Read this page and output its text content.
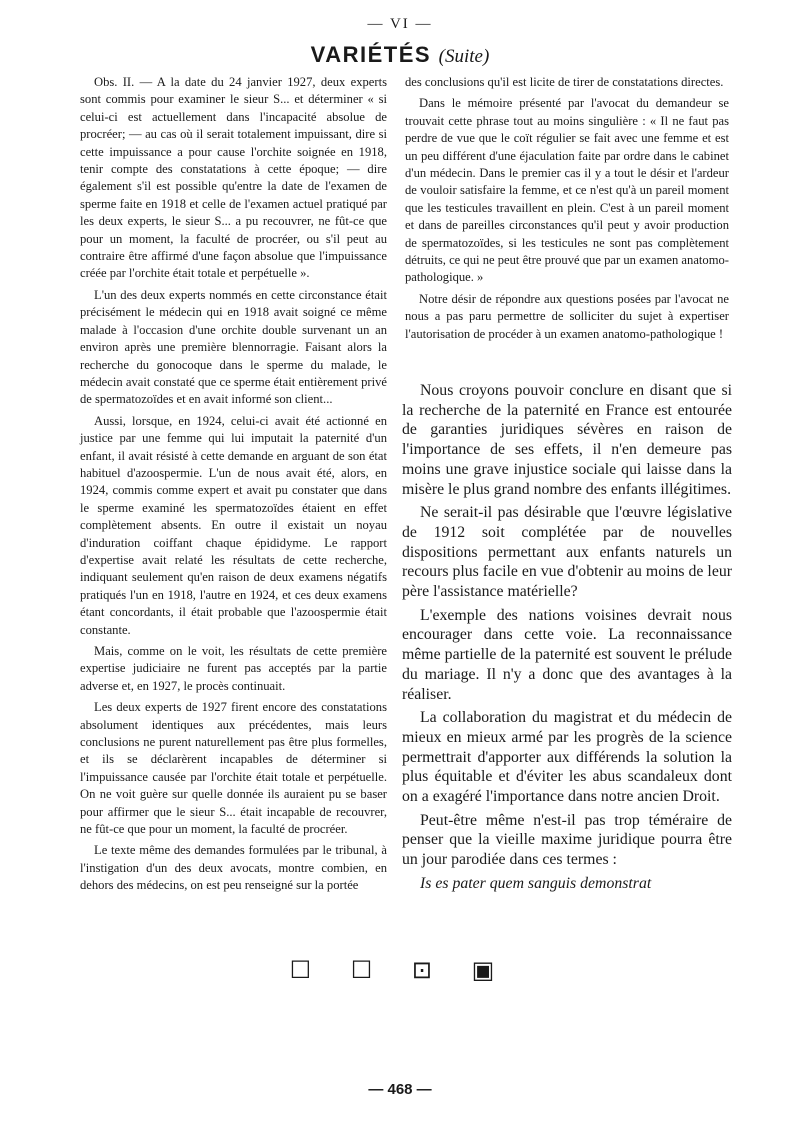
— VI —
VARIÉTÉS (Suite)

Obs. II. — A la date du 24 janvier 1927, deux experts sont commis pour examiner le sieur S... et déterminer « si celui-ci est actuellement dans l'incapacité absolue de procréer; — au cas où il serait totalement impuissant, dire si cette impuissance a pour cause l'orchite soignée en 1918, tenir compte des constatations à cette époque; — dire également s'il est possible qu'entre la date de l'examen de sperme faite en 1918 et celle de l'examen actuel pratiqué par les deux experts, le sieur S... a pu recouvrer, ne fût-ce que pour un moment, la faculté de procréer, ou s'il peut au contraire être affirmé d'une façon absolue que l'impuissance créée par l'orchite était totale et perpétuelle ».

L'un des deux experts nommés en cette circonstance était précisément le médecin qui en 1918 avait soigné ce même malade à l'occasion d'une orchite double survenant un an environ après une première blennorragie. Faisant alors la recherche du gonocoque dans le sperme du malade, le médecin avait constaté que ce sperme était entièrement privé de spermatozoïdes et en avait informé son client...

Aussi, lorsque, en 1924, celui-ci avait été actionné en justice par une femme qui lui imputait la paternité d'un enfant, il avait résisté à cette demande en arguant de son état habituel d'azoospermie. L'un de nous avait été, alors, en 1924, commis comme expert et avait pu constater que dans le sperme examiné les spermatozoïdes étaient en effet complètement absents. En outre il existait un noyau d'induration coiffant chaque épididyme. Le rapport d'expertise avait relaté les résultats de cette recherche, indiquant seulement qu'en raison de deux examens négatifs pratiqués l'un en 1918, l'autre en 1924, et ces deux examens étant concordants, il était probable que l'azoospermie était constante.

Mais, comme on le voit, les résultats de cette première expertise judiciaire ne furent pas acceptés par la partie adverse et, en 1927, le procès continuait.

Les deux experts de 1927 firent encore des constatations absolument identiques aux précédentes, mais leurs conclusions ne purent naturellement pas être plus formelles, et ils se déclarèrent incapables de déterminer si l'impuissance causée par l'orchite était totale et perpétuelle. On ne voit guère sur quelle donnée ils auraient pu se baser pour affirmer que le sieur S... était incapable de recouvrer, ne fût-ce que pour un moment, la faculté de procréer.

Le texte même des demandes formulées par le tribunal, à l'instigation d'un des deux avocats, montre combien, en dehors des médecins, on est peu renseigné sur la portée

des conclusions qu'il est licite de tirer de constatations directes.

Dans le mémoire présenté par l'avocat du demandeur se trouvait cette phrase tout au moins singulière : « Il ne faut pas perdre de vue que le coït régulier se fait avec une femme et est un peu différent d'une éjaculation faite par ordre dans le cabinet d'un médecin. Dans le premier cas il y a tout le désir et l'ardeur de vouloir satisfaire la femme, et ce n'est qu'à un pareil moment que les testicules travaillent en plein. C'est à un pareil moment et dans de pareilles circonstances qu'il peut y avoir production de spermatozoïdes, si les testicules ne sont pas complètement détruits, ce qui ne peut être prouvé que par un examen anatomo-pathologique. »

Notre désir de répondre aux questions posées par l'avocat ne nous a pas paru permettre de solliciter du sujet à expertiser l'autorisation de procéder à un examen anatomo-pathologique !

Nous croyons pouvoir conclure en disant que si la recherche de la paternité en France est entourée de garanties juridiques sévères en raison de l'importance de ses effets, il n'en demeure pas moins une grave injustice sociale qui laisse dans la misère le plus grand nombre des enfants illégitimes.

Ne serait-il pas désirable que l'œuvre législative de 1912 soit complétée par de nouvelles dispositions permettant aux enfants naturels un recours plus facile en vue d'obtenir au moins de leur père l'assistance matérielle?

L'exemple des nations voisines devrait nous encourager dans cette voie. La reconnaissance même partielle de la paternité est souvent le prélude du mariage. Il n'y a donc que des avantages à la réaliser.

La collaboration du magistrat et du médecin de mieux en mieux armé par les progrès de la science permettrait d'apporter aux différends la solution la plus équitable et d'éviter les abus scandaleux dont on a exagéré l'importance dans notre ancien Droit.

Peut-être même n'est-il pas trop téméraire de penser que la vieille maxime juridique pourra être un jour parodiée dans ces termes :

Is es pater quem sanguis demonstrat

☐ ☐ ⊡ ▣
— 468 —
